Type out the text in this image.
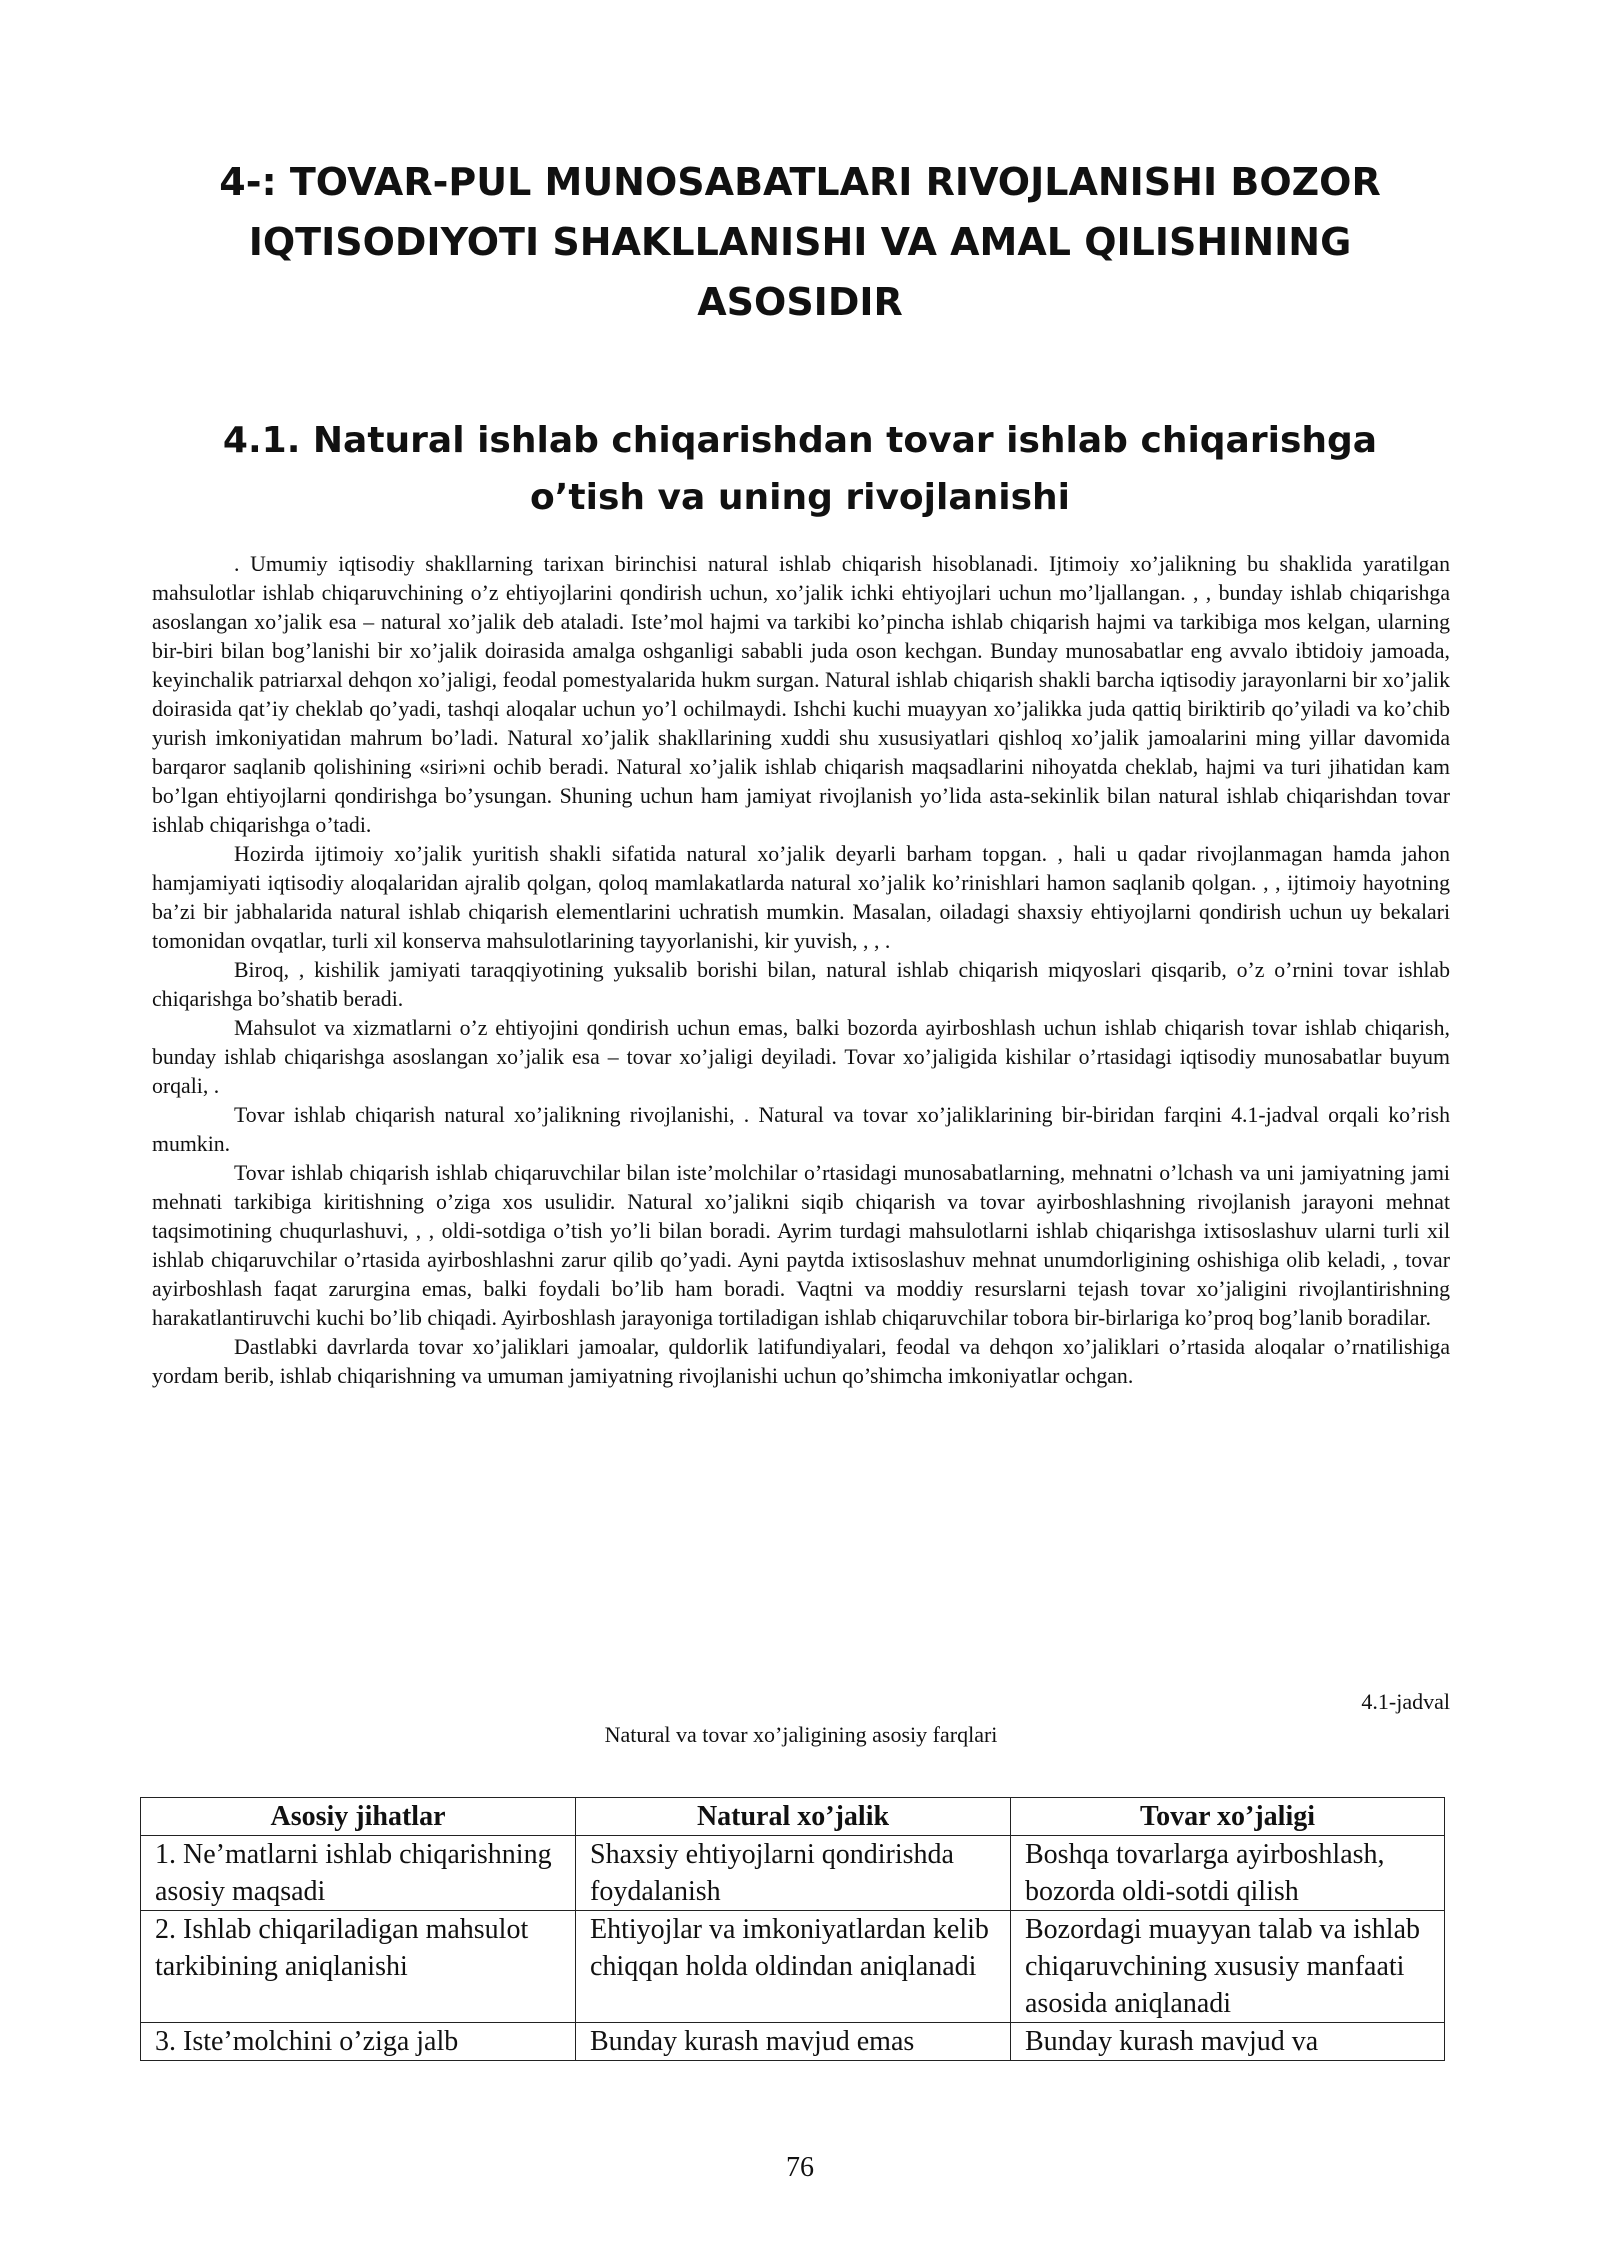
4-: TOVAR-PUL MUNOSABATLARI RIVOJLANISHI BOZOR IQTISODIYOTI SHAKLLANISHI VA AMAL QILISHINING ASOSIDIR
4.1. Natural ishlab chiqarishdan tovar ishlab chiqarishga
o’tish va uning rivojlanishi

. Umumiy iqtisodiy shakllarning tarixan birinchisi natural ishlab chiqarish hisoblanadi. Ijtimoiy xo’jalikning bu shaklida yaratilgan mahsulotlar ishlab chiqaruvchining o’z ehtiyojlarini qondirish uchun, xo’jalik ichki ehtiyojlari uchun mo’ljallangan. , , bunday ishlab chiqarishga asoslangan xo’jalik esa – natural xo’jalik deb ataladi. Iste’mol hajmi va tarkibi ko’pincha ishlab chiqarish hajmi va tarkibiga mos kelgan, ularning bir-biri bilan bog’lanishi bir xo’jalik doirasida amalga oshganligi sababli juda oson kechgan. Bunday munosabatlar eng avvalo ibtidoiy jamoada, keyinchalik patriarxal dehqon xo’jaligi, feodal pomestyalarida hukm surgan. Natural ishlab chiqarish shakli barcha iqtisodiy jarayonlarni bir xo’jalik doirasida qat’iy cheklab qo’yadi, tashqi aloqalar uchun yo’l ochilmaydi. Ishchi kuchi muayyan xo’jalikka juda qattiq biriktirib qo’yiladi va ko’chib yurish imkoniyatidan mahrum bo’ladi. Natural xo’jalik shakllarining xuddi shu xususiyatlari qishloq xo’jalik jamoalarini ming yillar davomida barqaror saqlanib qolishining «siri»ni ochib beradi. Natural xo’jalik ishlab chiqarish maqsadlarini nihoyatda cheklab, hajmi va turi jihatidan kam bo’lgan ehtiyojlarni qondirishga bo’ysungan. Shuning uchun ham jamiyat rivojlanish yo’lida asta-sekinlik bilan natural ishlab chiqarishdan tovar ishlab chiqarishga o’tadi.

Hozirda ijtimoiy xo’jalik yuritish shakli sifatida natural xo’jalik deyarli barham topgan. , hali u qadar rivojlanmagan hamda jahon hamjamiyati iqtisodiy aloqalaridan ajralib qolgan, qoloq mamlakatlarda natural xo’jalik ko’rinishlari hamon saqlanib qolgan. , , ijtimoiy hayotning ba’zi bir jabhalarida natural ishlab chiqarish elementlarini uchratish mumkin. Masalan, oiladagi shaxsiy ehtiyojlarni qondirish uchun uy bekalari tomonidan ovqatlar, turli xil konserva mahsulotlarining tayyorlanishi, kir yuvish, , , .

Biroq, , kishilik jamiyati taraqqiyotining yuksalib borishi bilan, natural ishlab chiqarish miqyoslari qisqarib, o’z o’rnini tovar ishlab chiqarishga bo’shatib beradi.

Mahsulot va xizmatlarni o’z ehtiyojini qondirish uchun emas, balki bozorda ayirboshlash uchun ishlab chiqarish tovar ishlab chiqarish, bunday ishlab chiqarishga asoslangan xo’jalik esa – tovar xo’jaligi deyiladi. Tovar xo’jaligida kishilar o’rtasidagi iqtisodiy munosabatlar buyum orqali, .

Tovar ishlab chiqarish natural xo’jalikning rivojlanishi, . Natural va tovar xo’jaliklarining bir-biridan farqini 4.1-jadval orqali ko’rish mumkin.

Tovar ishlab chiqarish ishlab chiqaruvchilar bilan iste’molchilar o’rtasidagi munosabatlarning, mehnatni o’lchash va uni jamiyatning jami mehnati tarkibiga kiritishning o’ziga xos usulidir. Natural xo’jalikni siqib chiqarish va tovar ayirboshlashning rivojlanish jarayoni mehnat taqsimotining chuqurlashuvi, , , oldi-sotdiga o’tish yo’li bilan boradi. Ayrim turdagi mahsulotlarni ishlab chiqarishga ixtisoslashuv ularni turli xil ishlab chiqaruvchilar o’rtasida ayirboshlashni zarur qilib qo’yadi. Ayni paytda ixtisoslashuv mehnat unumdorligining oshishiga olib keladi, , tovar ayirboshlash faqat zarurgina emas, balki foydali bo’lib ham boradi. Vaqtni va moddiy resurslarni tejash tovar xo’jaligini rivojlantirishning harakatlantiruvchi kuchi bo’lib chiqadi. Ayirboshlash jarayoniga tortiladigan ishlab chiqaruvchilar tobora bir-birlariga ko’proq bog’lanib boradilar.

Dastlabki davrlarda tovar xo’jaliklari jamoalar, quldorlik latifundiyalari, feodal va dehqon xo’jaliklari o’rtasida aloqalar o’rnatilishiga yordam berib, ishlab chiqarishning va umuman jamiyatning rivojlanishi uchun qo’shimcha imkoniyatlar ochgan.

4.1-jadval
Natural va tovar xo’jaligining asosiy farqlari
Asosiy jihatlar	Natural xo’jalik	Tovar xo’jaligi
1. Ne’matlarni ishlab chiqarishning asosiy maqsadi	Shaxsiy ehtiyojlarni qondirishda foydalanish	Boshqa tovarlarga ayirboshlash, bozorda oldi-sotdi qilish
2. Ishlab chiqariladigan mahsulot tarkibining aniqlanishi	Ehtiyojlar va imkoniyatlardan kelib chiqqan holda oldindan aniqlanadi	Bozordagi muayyan talab va ishlab chiqaruvchining xususiy manfaati asosida aniqlanadi
3. Iste’molchini o’ziga jalb	Bunday kurash mavjud emas	Bunday kurash mavjud va
76
